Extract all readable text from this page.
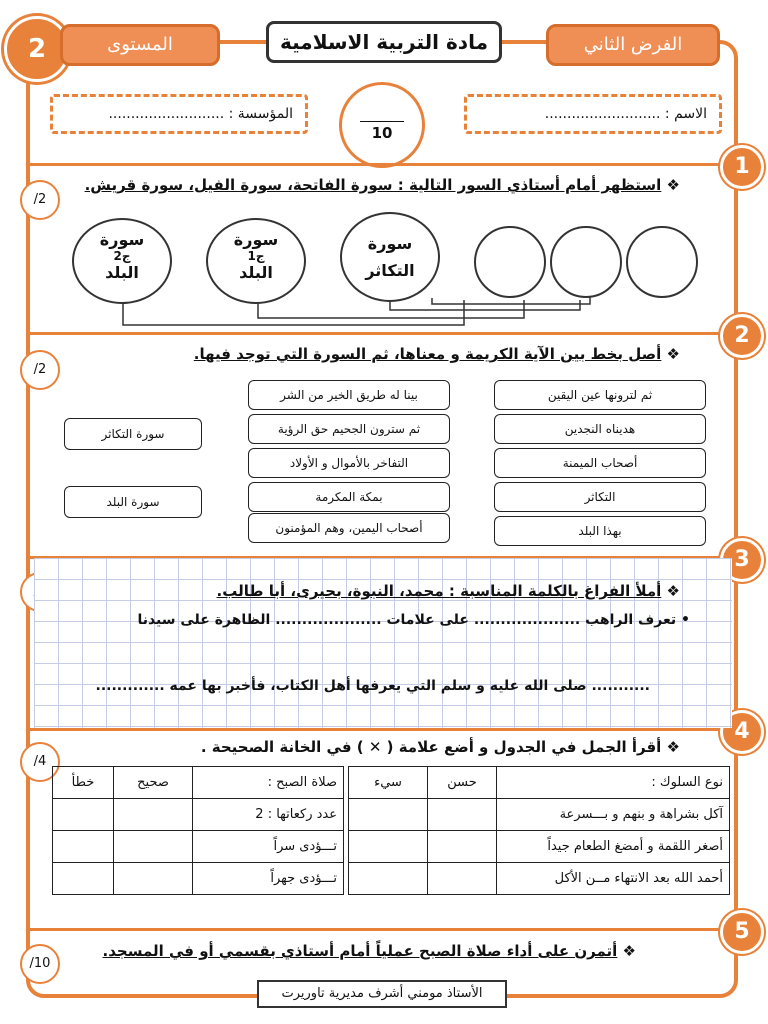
2	المستوى	مادة التربية الاسلامية	الفرض الثاني
المؤسسة : ..........................	الاسم : ..........................
10
1
2
3
4
5
/2
/2
/4
/10
❖ استظهر أمام أستاذي السور التالية : سورة الفاتحة، سورة الفيل، سورة قريش.
سورة
ج2
البلد
سورة
ج1
البلد
سورة
التكاثر
❖ أصل بخط بين الآية الكريمة و معناها، ثم السورة التي توجد فيها.
ثم لترونها عين اليقين
هديناه النجدين
أصحاب الميمنة
التكاثر
بهذا البلد
بينا له طريق الخير من الشر
ثم سترون الجحيم حق الرؤية
التفاخر بالأموال و الأولاد
بمكة المكرمة
أصحاب اليمين، وهم المؤمنون
سورة التكاثر
سورة البلد
❖ أملأ الفراغ بالكلمة المناسبة : محمد، النبوة، بحيرى، أبا طالب.
• تعرف الراهب .................... على علامات .................... الظاهرة على سيدنا
........... صلى الله عليه و سلم التي يعرفها أهل الكتاب، فأخبر بها عمه .............
❖ أقرأ الجمل في الجدول و أضع علامة ( ✕ ) في الخانة الصحيحة .
نوع السلوك :	حسن	سيء
آكل بشراهة و بنهم و بـــسرعة		
أصغر اللقمة و أمضغ الطعام جيداً		
أحمد الله بعد الانتهاء مــن الأكل		
صلاة الصبح :	صحيح	خطأ
عدد ركعاتها : 2		
تـــؤدى سراً		
تـــؤدى جهراً		
❖ أتمرن على أداء صلاة الصبح عملياً أمام أستاذي بقسمي أو في المسجد.
الأستاذ مومني أشرف مديرية تاوريرت
